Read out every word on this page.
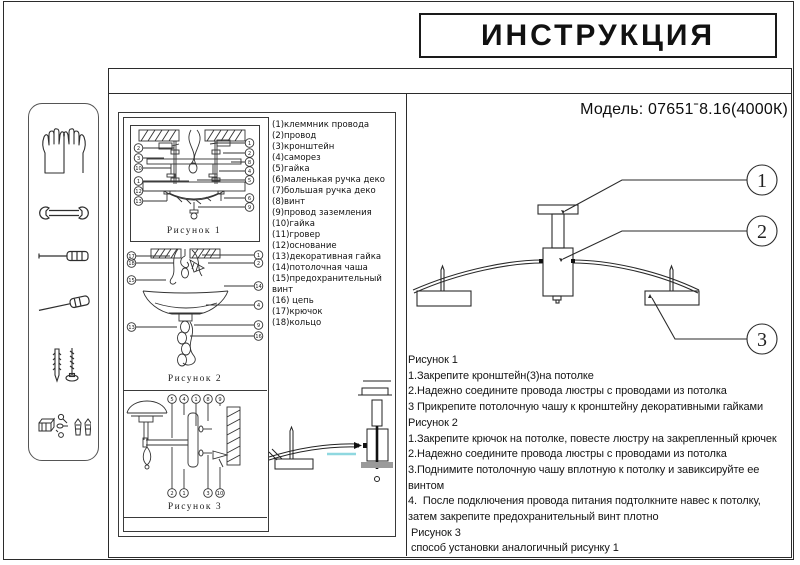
ИНСТРУКЦИЯ
2
3
10
1
12
13
1
2
8
4
5
6
9
Рисунок 1
17
18
15
13
1
2
14
4
9
16
Рисунок 2
5 4 1 8 9
2 1	3 10
Рисунок 3
(1)клеммник провода
(2)провод
(3)кронштейн
(4)саморез
(5)гайка
(6)маленькая ручка деко
(7)большая ручка деко
(8)винт
(9)провод заземления
(10)гайка
(11)гровер
(12)основание
(13)декоративная гайка
(14)потолочная чаша
(15)предохранительный винт
(16) цепь
(17)крючок
(18)кольцо
Модель: 07651ˉ8.16(4000К)
1
2
3
Рисунок 1
1.Закрепите кронштейн(3)на потолке
2.Надежно соедините провода люстры с проводами из потолка
3 Прикрепите потолочную чашу к кронштейну декоративными гайками
Рисунок 2
1.Закрепите крючок на потолке, повесте люстру на закрепленный крючек
2.Надежно соедините провода люстры с проводами из потолка
3.Поднимите потолочную чашу вплотную к потолку и завиксируйте ее
винтом
4.  После подключения провода питания подтолкните навес к потолку,
затем закрепите предохранительный винт плотно
Рисунок 3
способ установки аналогичный рисунку 1
